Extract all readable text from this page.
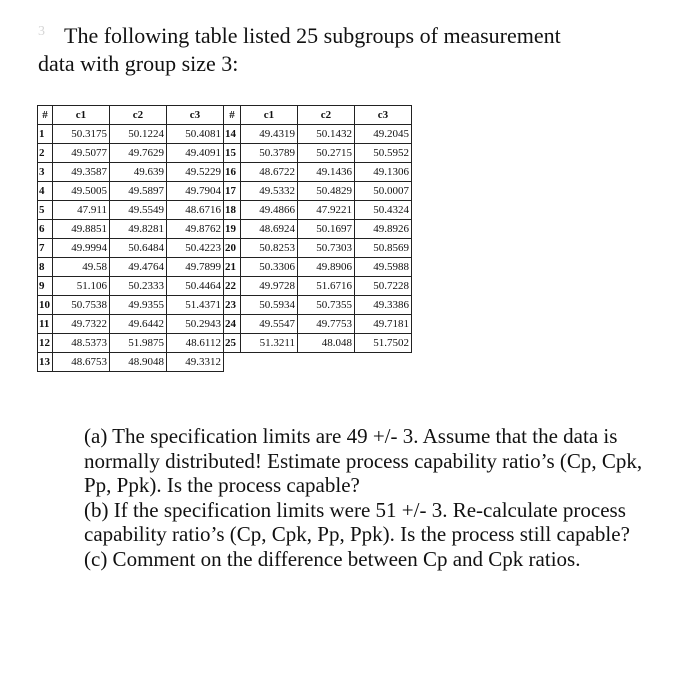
3 The following table listed 25 subgroups of measurement
data with group size 3:
#	c1	c2	c3	#	c1	c2	c3
1	50.3175	50.1224	50.4081	14	49.4319	50.1432	49.2045
2	49.5077	49.7629	49.4091	15	50.3789	50.2715	50.5952
3	49.3587	49.639	49.5229	16	48.6722	49.1436	49.1306
4	49.5005	49.5897	49.7904	17	49.5332	50.4829	50.0007
5	47.911	49.5549	48.6716	18	49.4866	47.9221	50.4324
6	49.8851	49.8281	49.8762	19	48.6924	50.1697	49.8926
7	49.9994	50.6484	50.4223	20	50.8253	50.7303	50.8569
8	49.58	49.4764	49.7899	21	50.3306	49.8906	49.5988
9	51.106	50.2333	50.4464	22	49.9728	51.6716	50.7228
10	50.7538	49.9355	51.4371	23	50.5934	50.7355	49.3386
11	49.7322	49.6442	50.2943	24	49.5547	49.7753	49.7181
12	48.5373	51.9875	48.6112	25	51.3211	48.048	51.7502
13	48.6753	48.9048	49.3312				

(a) The specification limits are 49 +/- 3. Assume that the data is normally distributed! Estimate process capability ratio’s (Cp, Cpk, Pp, Ppk). Is the process capable?

(b) If the specification limits were 51 +/- 3. Re-calculate process capability ratio’s (Cp, Cpk, Pp, Ppk). Is the process still capable?

(c) Comment on the difference between Cp and Cpk ratios.
